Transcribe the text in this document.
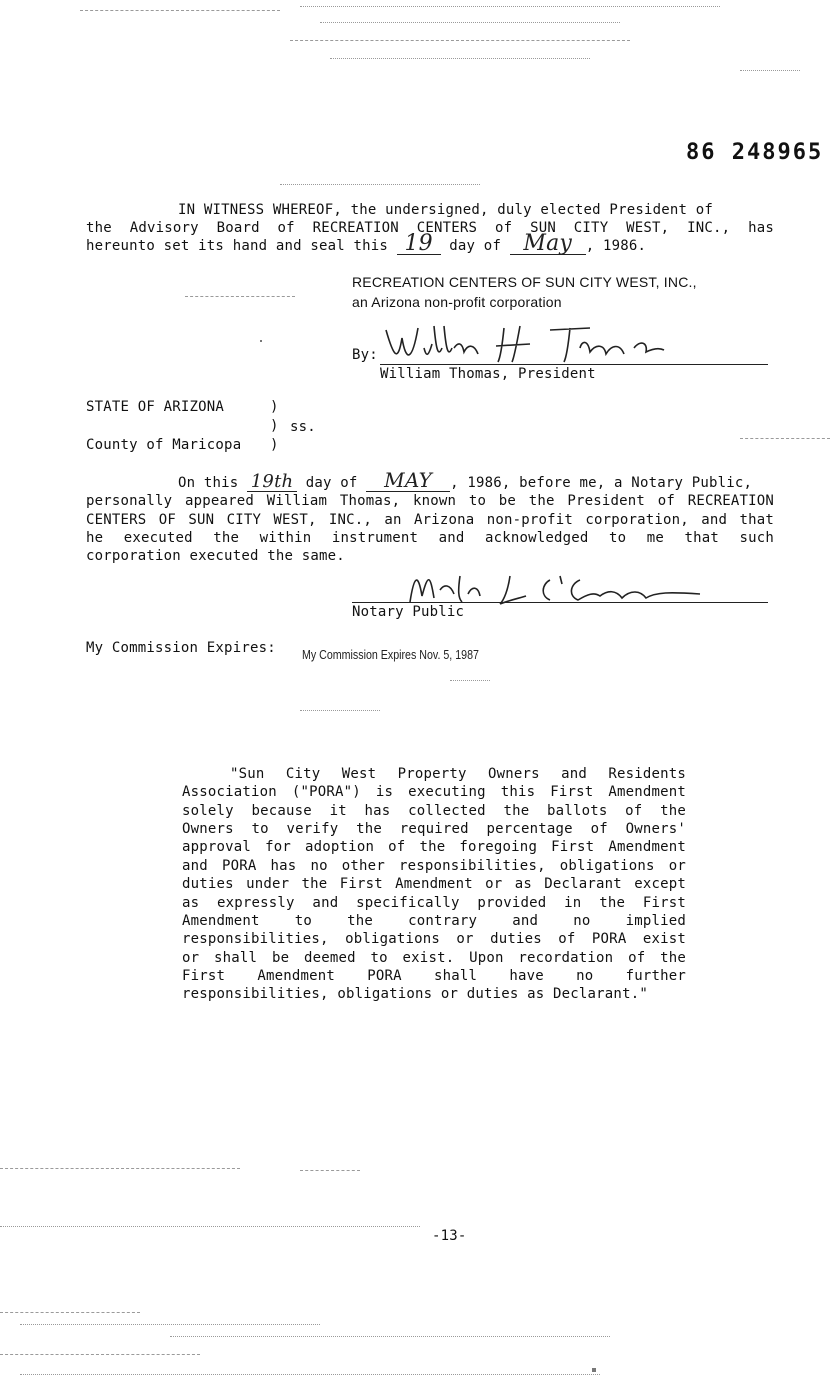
86 248965
IN WITNESS WHEREOF, the undersigned, duly elected President of
the Advisory Board of RECREATION CENTERS of SUN CITY WEST, INC., has
hereunto set its hand and seal this 19 day of May , 1986.
RECREATION CENTERS OF SUN CITY WEST, INC.,
an Arizona non-profit corporation
By:
William Thomas, President
STATE OF ARIZONA	)
) ss.
County of Maricopa )
On this 19th day of MAY , 1986, before me, a Notary Public,
personally appeared William Thomas, known to be the President of RECREATION
CENTERS OF SUN CITY WEST, INC., an Arizona non-profit corporation, and that
he executed the within instrument and acknowledged to me that such
corporation executed the same.
Notary Public
My Commission Expires: My Commission Expires Nov. 5, 1987
"Sun City West Property Owners and Residents
Association ("PORA") is executing this First Amendment
solely because it has collected the ballots of the
Owners to verify the required percentage of Owners'
approval for adoption of the foregoing First Amendment
and PORA has no other responsibilities, obligations or
duties under the First Amendment or as Declarant except
as expressly and specifically provided in the First
Amendment to the contrary and no implied
responsibilities, obligations or duties of PORA exist
or shall be deemed to exist. Upon recordation of the
First Amendment PORA shall have no further
responsibilities, obligations or duties as Declarant."
-13-
